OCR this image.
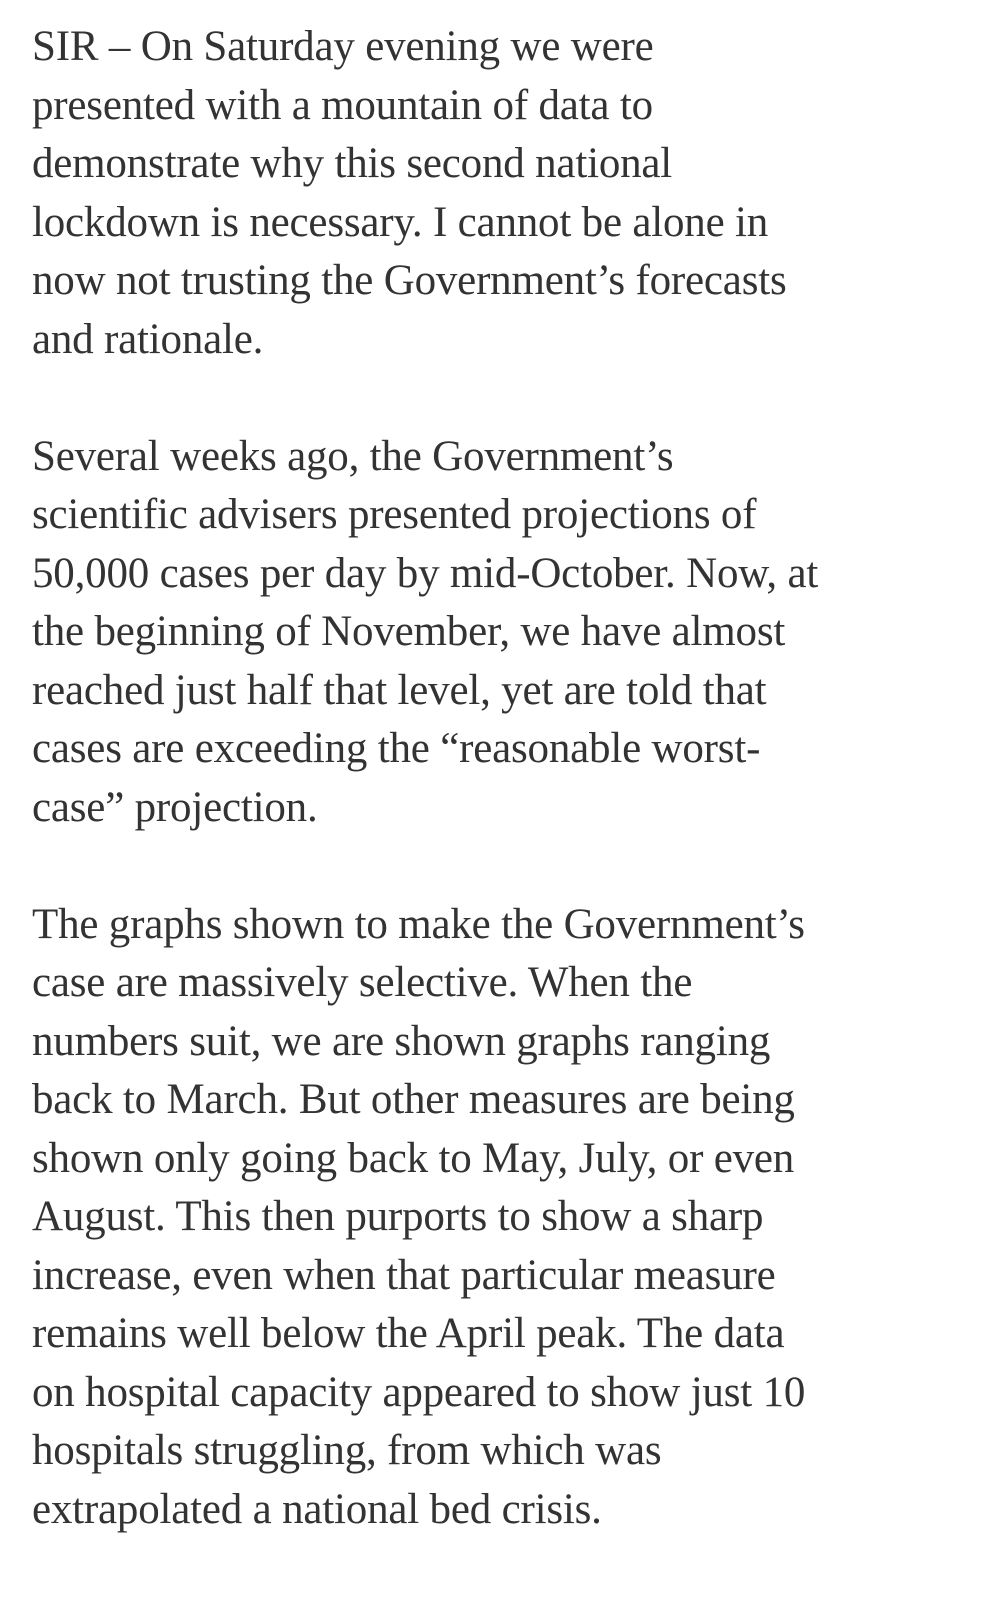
SIR – On Saturday evening we were
presented with a mountain of data to
demonstrate why this second national
lockdown is necessary. I cannot be alone in
now not trusting the Government’s forecasts
and rationale.

Several weeks ago, the Government’s
scientific advisers presented projections of
50,000 cases per day by mid-October. Now, at
the beginning of November, we have almost
reached just half that level, yet are told that
cases are exceeding the “reasonable worst-
case” projection.

The graphs shown to make the Government’s
case are massively selective. When the
numbers suit, we are shown graphs ranging
back to March. But other measures are being
shown only going back to May, July, or even
August. This then purports to show a sharp
increase, even when that particular measure
remains well below the April peak. The data
on hospital capacity appeared to show just 10
hospitals struggling, from which was
extrapolated a national bed crisis.
